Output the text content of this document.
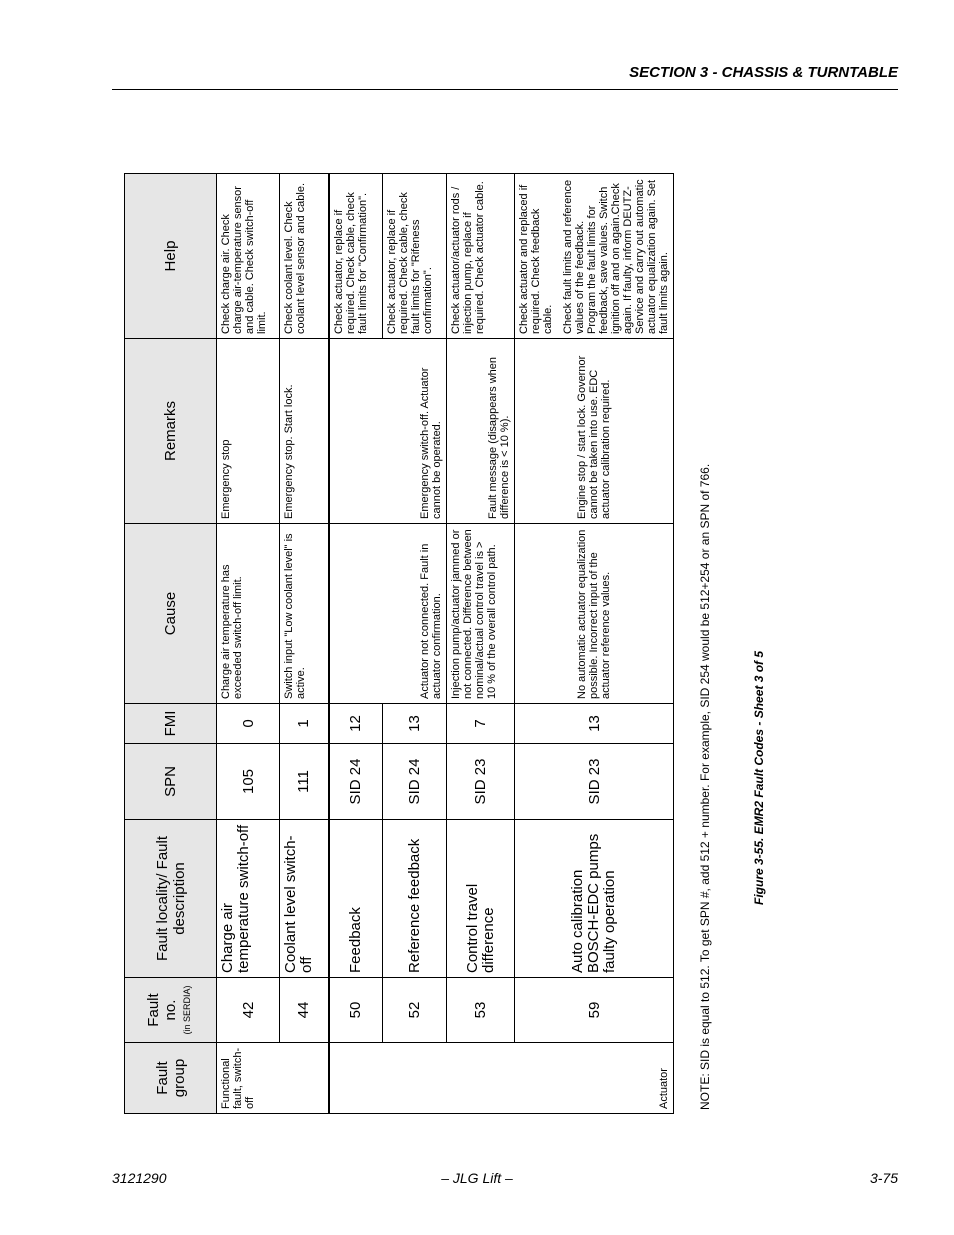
SECTION 3 - CHASSIS & TURNTABLE
Fault group	Fault no. (in SERDIA)	Fault locality/ Fault description	SPN	FMI	Cause	Remarks	Help
Functional fault, switch-off	42	Charge air temperature switch-off	105	0	Charge air temperature has exceeded switch-off limit.	Emergency stop	Check charge air. Check charge air-temperature sensor and cable. Check switch-off limit.
	44	Coolant level switch-off	111	1	Switch input "Low coolant level" is active.	Emergency stop. Start lock.	Check coolant level. Check coolant level sensor and cable.
Actuator	50	Feedback	SID 24	12	Actuator not connected. Fault in actuator confirmation.	Emergency switch-off. Actuator cannot be operated.	Check actuator, replace if required. Check cable, check fault limits for "Confirmation".
	52	Reference feedback	SID 24	13			Check actuator, replace if required. Check cable, check fault limits for "Rifeness confirmation".
	53	Control travel difference	SID 23	7	Injection pump/actuator jammed or not connected. Difference between nominal/actual control travel is > 10 % of the overall control path.	Fault message (disappears when difference is < 10 %).	Check actuator/actuator rods / injection pump, replace if required. Check actuator cable.
	59	Auto calibration BOSCH-EDC pumps faulty operation	SID 23	13	No automatic actuator equalization possible. Incorrect input of the actuator reference values.	Engine stop / start lock. Governor cannot be taken into use. EDC actuator calibration required.	Check actuator and replaced if required. Check feedback cable. Check fault limits and reference values of the feedback. Program the fault limits for feedback, save values. Switch ignition off and on again.Check again. If faulty, inform DEUTZ-Service and carry out automatic actuator equalization again. Set fault limits again.
NOTE: SID is equal to 512. To get SPN #, add 512 + number. For example, SID 254 would be 512+254 or an SPN of 766.	Figure 3-55. EMR2 Fault Codes - Sheet 3 of 5
3121290	– JLG Lift –	3-75
